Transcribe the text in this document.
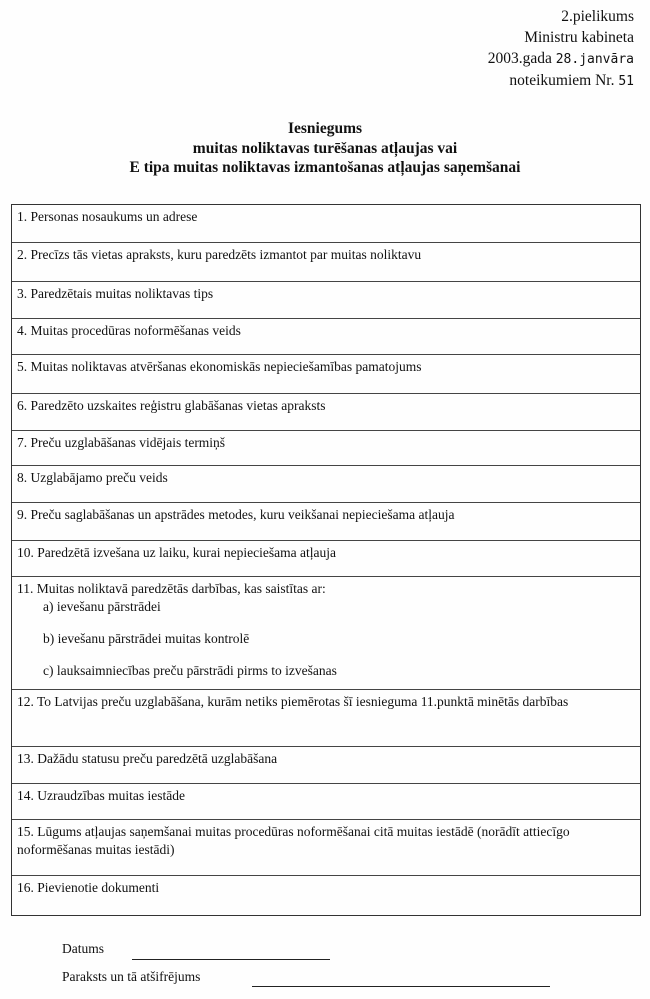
2.pielikums
Ministru kabineta
2003.gada 28.janvāra
noteikumiem Nr. 51
Iesniegums
muitas noliktavas turēšanas atļaujas vai
E tipa muitas noliktavas izmantošanas atļaujas saņemšanai
1. Personas nosaukums un adrese
2. Precīzs tās vietas apraksts, kuru paredzēts izmantot par muitas noliktavu
3. Paredzētais muitas noliktavas tips
4. Muitas procedūras noformēšanas veids
5. Muitas noliktavas atvēršanas ekonomiskās nepieciešamības pamatojums
6. Paredzēto uzskaites reģistru glabāšanas vietas apraksts
7. Preču uzglabāšanas vidējais termiņš
8. Uzglabājamo preču veids
9. Preču saglabāšanas un apstrādes metodes, kuru veikšanai nepieciešama atļauja
10. Paredzētā izvešana uz laiku, kurai nepieciešama atļauja
11. Muitas noliktavā paredzētās darbības, kas saistītas ar:
a) ievešanu pārstrādei
b) ievešanu pārstrādei muitas kontrolē
c) lauksaimniecības preču pārstrādi pirms to izvešanas
12. To Latvijas preču uzglabāšana, kurām netiks piemērotas šī iesnieguma 11.punktā minētās darbības
13. Dažādu statusu preču paredzētā uzglabāšana
14. Uzraudzības muitas iestāde
15. Lūgums atļaujas saņemšanai muitas procedūras noformēšanai citā muitas iestādē (norādīt attiecīgo noformēšanas muitas iestādi)
16. Pievienotie dokumenti
Datums
Paraksts un tā atšifrējums
